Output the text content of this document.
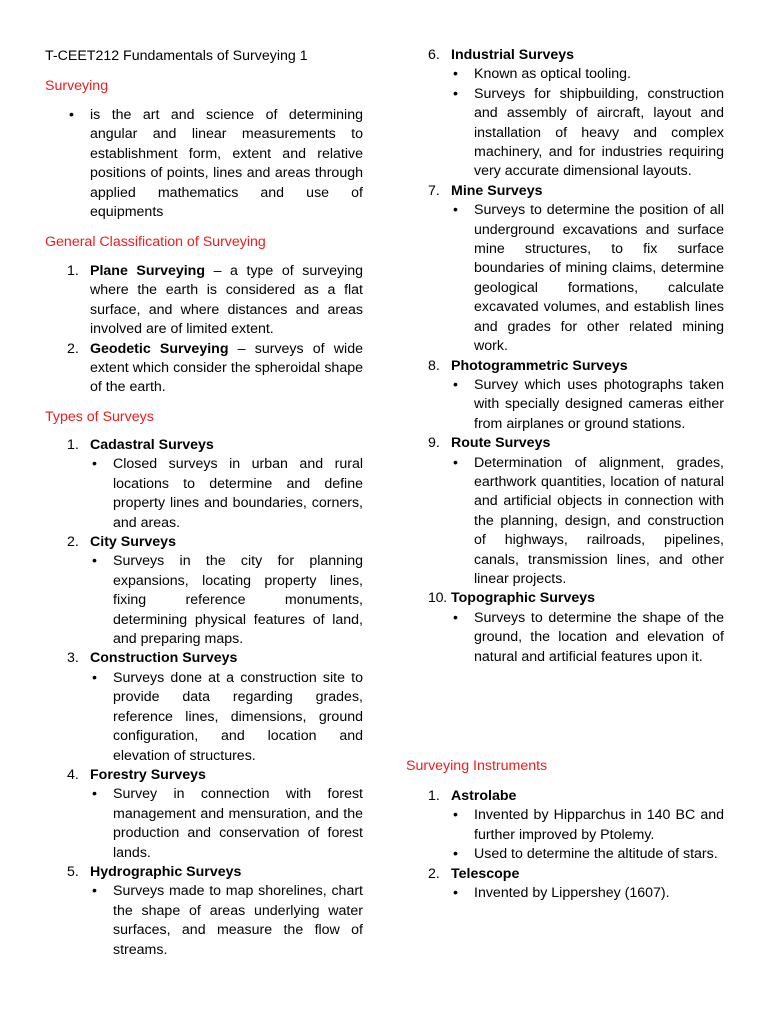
T-CEET212 Fundamentals of Surveying 1
Surveying
• is the art and science of determining angular and linear measurements to establishment form, extent and relative positions of points, lines and areas through applied mathematics and use of equipments
General Classification of Surveying
1. Plane Surveying – a type of surveying where the earth is considered as a flat surface, and where distances and areas involved are of limited extent.
2. Geodetic Surveying – surveys of wide extent which consider the spheroidal shape of the earth.
Types of Surveys
1. Cadastral Surveys
• Closed surveys in urban and rural locations to determine and define property lines and boundaries, corners, and areas.
2. City Surveys
• Surveys in the city for planning expansions, locating property lines, fixing reference monuments, determining physical features of land, and preparing maps.
3. Construction Surveys
• Surveys done at a construction site to provide data regarding grades, reference lines, dimensions, ground configuration, and location and elevation of structures.
4. Forestry Surveys
• Survey in connection with forest management and mensuration, and the production and conservation of forest lands.
5. Hydrographic Surveys
• Surveys made to map shorelines, chart the shape of areas underlying water surfaces, and measure the flow of streams.
6. Industrial Surveys
• Known as optical tooling.
• Surveys for shipbuilding, construction and assembly of aircraft, layout and installation of heavy and complex machinery, and for industries requiring very accurate dimensional layouts.
7. Mine Surveys
• Surveys to determine the position of all underground excavations and surface mine structures, to fix surface boundaries of mining claims, determine geological formations, calculate excavated volumes, and establish lines and grades for other related mining work.
8. Photogrammetric Surveys
• Survey which uses photographs taken with specially designed cameras either from airplanes or ground stations.
9. Route Surveys
• Determination of alignment, grades, earthwork quantities, location of natural and artificial objects in connection with the planning, design, and construction of highways, railroads, pipelines, canals, transmission lines, and other linear projects.
10. Topographic Surveys
• Surveys to determine the shape of the ground, the location and elevation of natural and artificial features upon it.
Surveying Instruments
1. Astrolabe
• Invented by Hipparchus in 140 BC and further improved by Ptolemy.
• Used to determine the altitude of stars.
2. Telescope
• Invented by Lippershey (1607).
